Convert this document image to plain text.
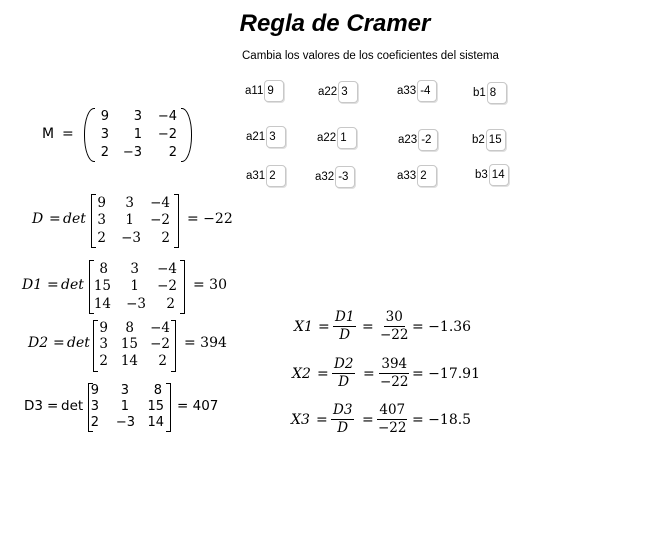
Regla de Cramer
Cambia los valores de los coeficientes del sistema
a11 9	a22 3	a33 -4	b1 8
a21 3	a22 1	a23 -2	b2 15
a31 2	a32 -3	a33 2	b3 14
M =
9	3 −4
3	1 −2
2 −3	2
D = det
9	3	−4
3	1	−2
2	−3	2
= −22
D1 = det
8	3	−4
15	1	−2
14	−3	2
= 30
D2 = det
9	8	−4
3 15 −2
2 14	2
= 394
D3 = det
9	3	8
3	1	15
2 −3 14
= 407
$X1 = \frac{D1}{D} = \frac{30}{-22} = -1.36$
$X2 = \frac{D2}{D} = \frac{394}{-22} = -17.91$
$X3 = \frac{D3}{D} = \frac{407}{-22} = -18.5$
